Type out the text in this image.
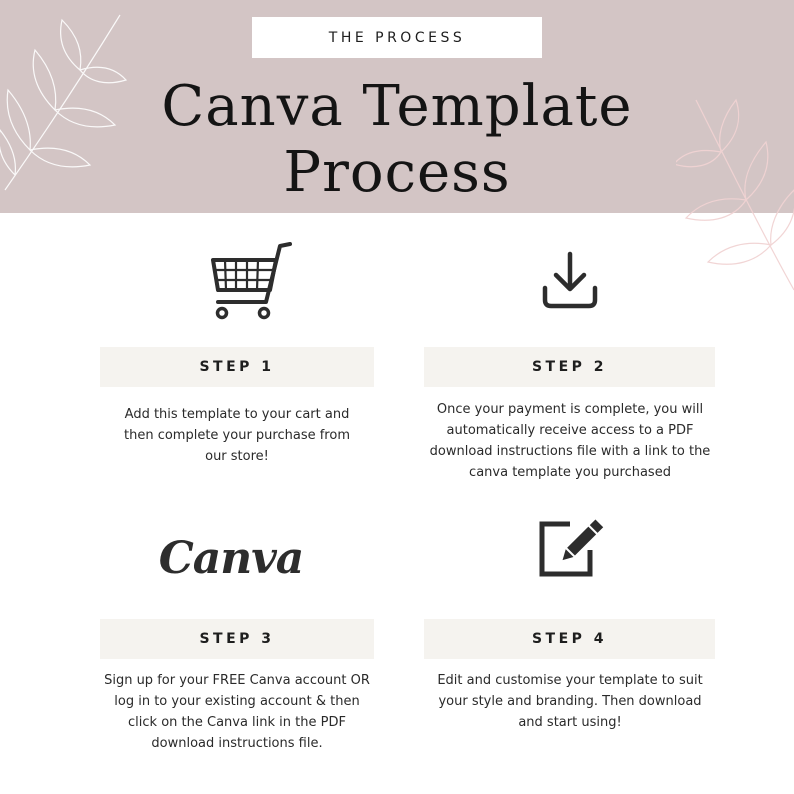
THE PROCESS
Canva Template
Process
STEP 1	STEP 2
Add this template to your cart and then complete your purchase from our store!
Once your payment is complete, you will automatically receive access to a PDF download instructions file with a link to the canva template you purchased
Canva
STEP 3	STEP 4
Sign up for your FREE Canva account OR log in to your existing account & then click on the Canva link in the PDF download instructions file.
Edit and customise your template to suit your style and branding. Then download and start using!
